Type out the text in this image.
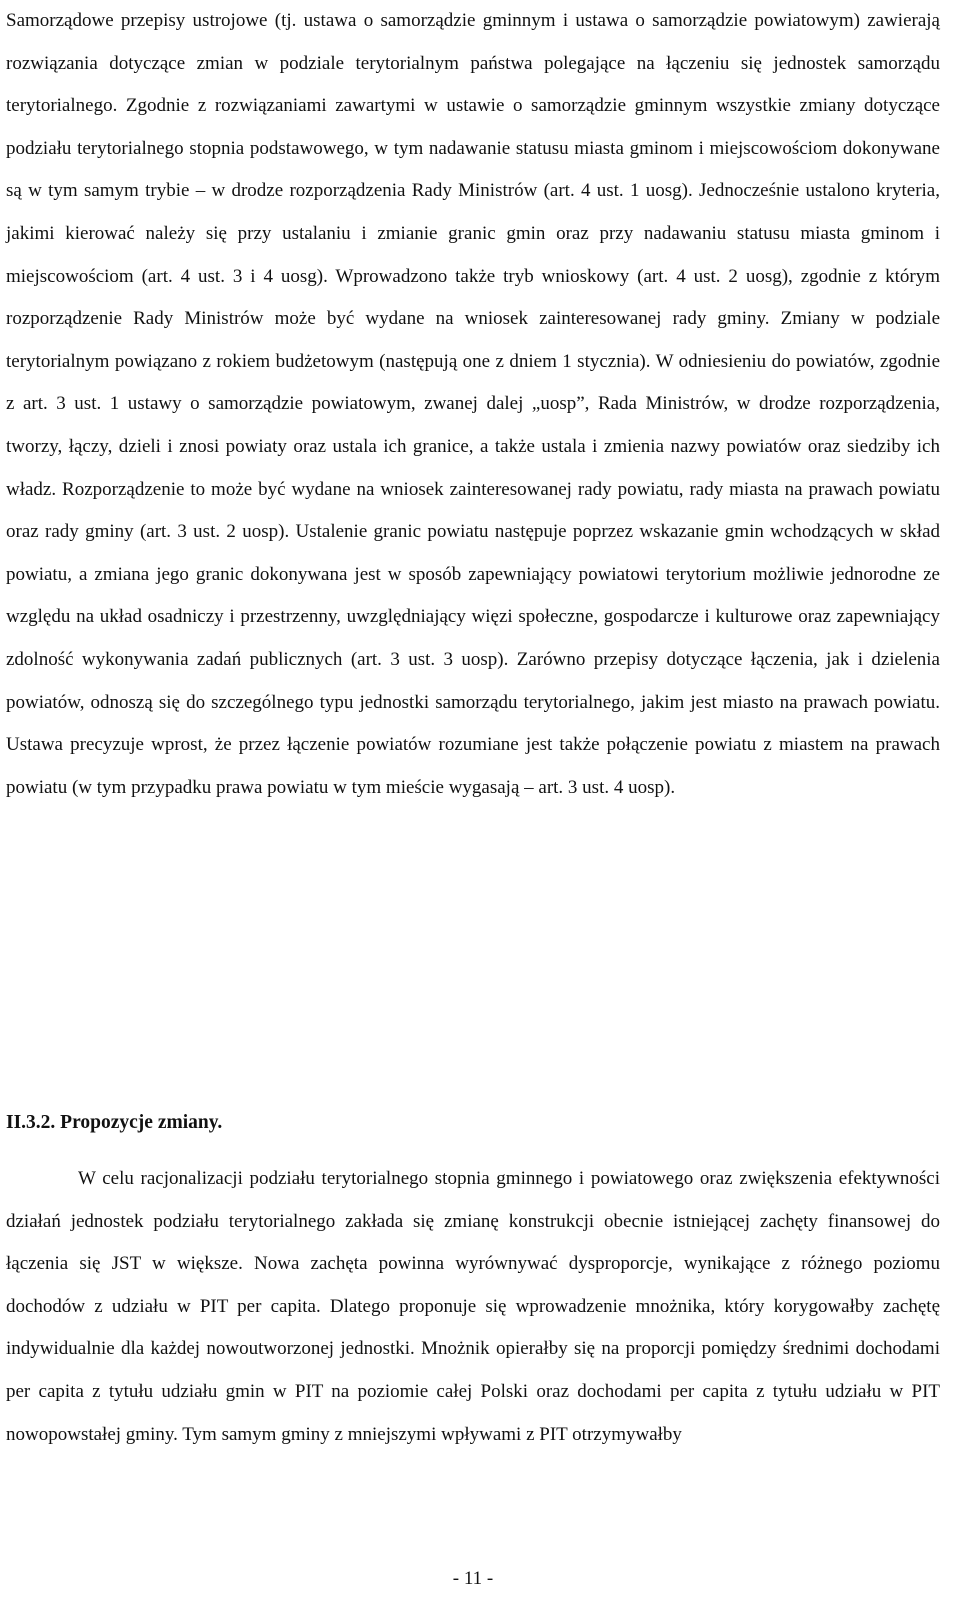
Samorządowe przepisy ustrojowe (tj. ustawa o samorządzie gminnym i ustawa o samorządzie powiatowym) zawierają rozwiązania dotyczące zmian w podziale terytorialnym państwa polegające na łączeniu się jednostek samorządu terytorialnego. Zgodnie z rozwiązaniami zawartymi w ustawie o samorządzie gminnym wszystkie zmiany dotyczące podziału terytorialnego stopnia podstawowego, w tym nadawanie statusu miasta gminom i miejscowościom dokonywane są w tym samym trybie – w drodze rozporządzenia Rady Ministrów (art. 4 ust. 1 uosg). Jednocześnie ustalono kryteria, jakimi kierować należy się przy ustalaniu i zmianie granic gmin oraz przy nadawaniu statusu miasta gminom i miejscowościom (art. 4 ust. 3 i 4 uosg). Wprowadzono także tryb wnioskowy (art. 4 ust. 2 uosg), zgodnie z którym rozporządzenie Rady Ministrów może być wydane na wniosek zainteresowanej rady gminy. Zmiany w podziale terytorialnym powiązano z rokiem budżetowym (następują one z dniem 1 stycznia). W odniesieniu do powiatów, zgodnie z art. 3 ust. 1 ustawy o samorządzie powiatowym, zwanej dalej „uosp”, Rada Ministrów, w drodze rozporządzenia, tworzy, łączy, dzieli i znosi powiaty oraz ustala ich granice, a także ustala i zmienia nazwy powiatów oraz siedziby ich władz. Rozporządzenie to może być wydane na wniosek zainteresowanej rady powiatu, rady miasta na prawach powiatu oraz rady gminy (art. 3 ust. 2 uosp). Ustalenie granic powiatu następuje poprzez wskazanie gmin wchodzących w skład powiatu, a zmiana jego granic dokonywana jest w sposób zapewniający powiatowi terytorium możliwie jednorodne ze względu na układ osadniczy i przestrzenny, uwzględniający więzi społeczne, gospodarcze i kulturowe oraz zapewniający zdolność wykonywania zadań publicznych (art. 3 ust. 3 uosp). Zarówno przepisy dotyczące łączenia, jak i dzielenia powiatów, odnoszą się do szczególnego typu jednostki samorządu terytorialnego, jakim jest miasto na prawach powiatu. Ustawa precyzuje wprost, że przez łączenie powiatów rozumiane jest także połączenie powiatu z miastem na prawach powiatu (w tym przypadku prawa powiatu w tym mieście wygasają – art. 3 ust. 4 uosp).

II.3.2. Propozycje zmiany.

W celu racjonalizacji podziału terytorialnego stopnia gminnego i powiatowego oraz zwiększenia efektywności działań jednostek podziału terytorialnego zakłada się zmianę konstrukcji obecnie istniejącej zachęty finansowej do łączenia się JST w większe. Nowa zachęta powinna wyrównywać dysproporcje, wynikające z różnego poziomu dochodów z udziału w PIT per capita. Dlatego proponuje się wprowadzenie mnożnika, który korygowałby zachętę indywidualnie dla każdej nowoutworzonej jednostki. Mnożnik opierałby się na proporcji pomiędzy średnimi dochodami per capita z tytułu udziału gmin w PIT na poziomie całej Polski oraz dochodami per capita z tytułu udziału w PIT nowopowstałej gminy. Tym samym gminy z mniejszymi wpływami z PIT otrzymywałby

- 11 -
